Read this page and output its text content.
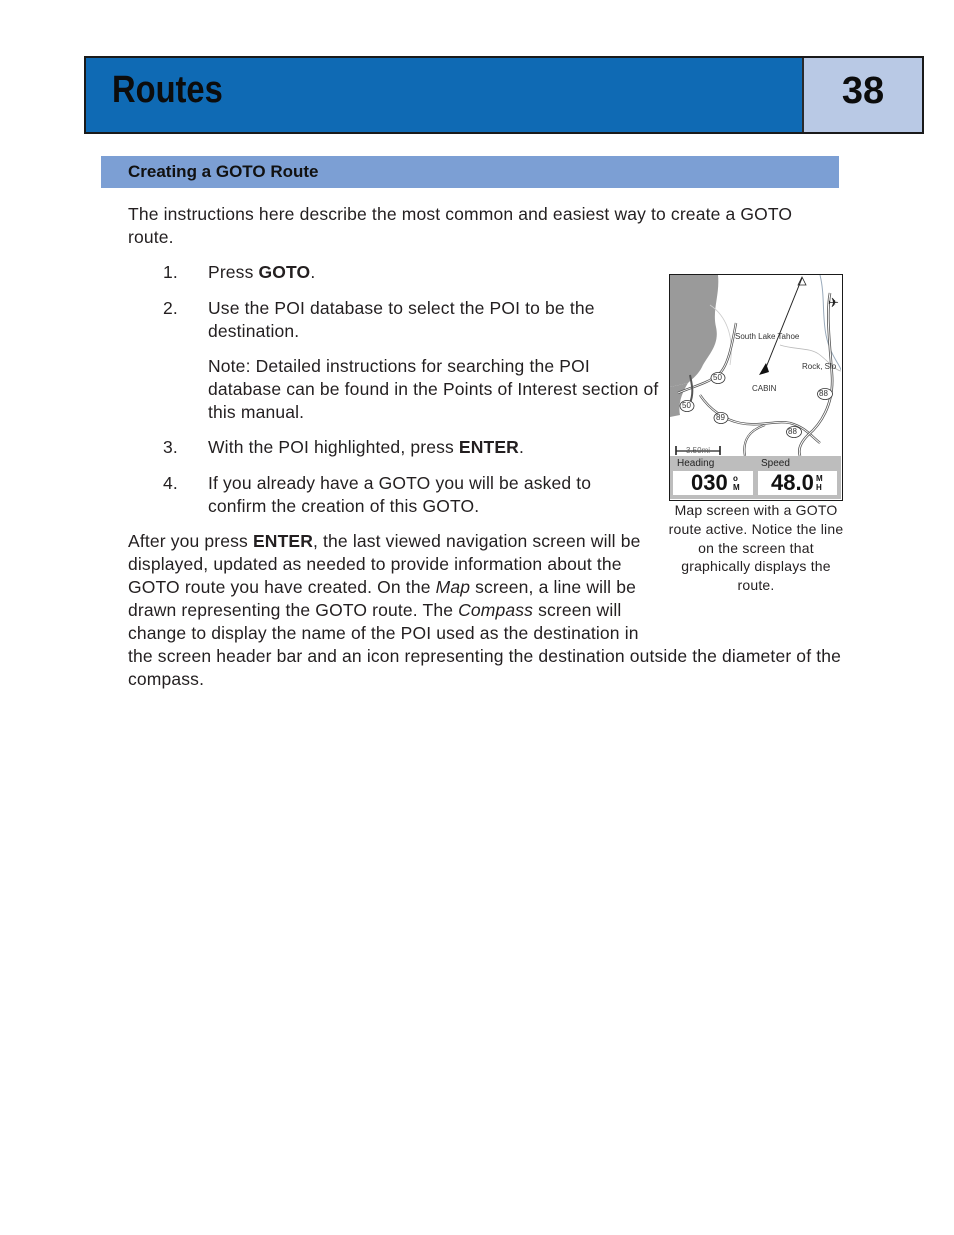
Routes	38
Creating a GOTO Route
The instructions here describe the most common and easiest way to create a GOTO route.
1. Press GOTO.
2. Use the POI database to select the POI to be the destination.
Note: Detailed instructions for searching the POI database can be found in the Points of Interest section of this manual.
3. With the POI highlighted, press ENTER.
4. If you already have a GOTO you will be asked to confirm the creation of this GOTO.
After you press ENTER, the last viewed navigation screen will be displayed, updated as needed to provide information about the GOTO route you have created. On the Map screen, a line will be drawn representing the GOTO route. The Compass screen will change to display the name of the POI used as the destination in the screen header bar and an icon representing the destination outside the diameter of the compass.
✈
South Lake Tahoe
Rock, Slo
CABIN
50
50
89
88
88
3.50mi
Heading	Speed
030 o
M 48.0 M
H
Map screen with a GOTO route active. Notice the line on the screen that graphically displays the route.
